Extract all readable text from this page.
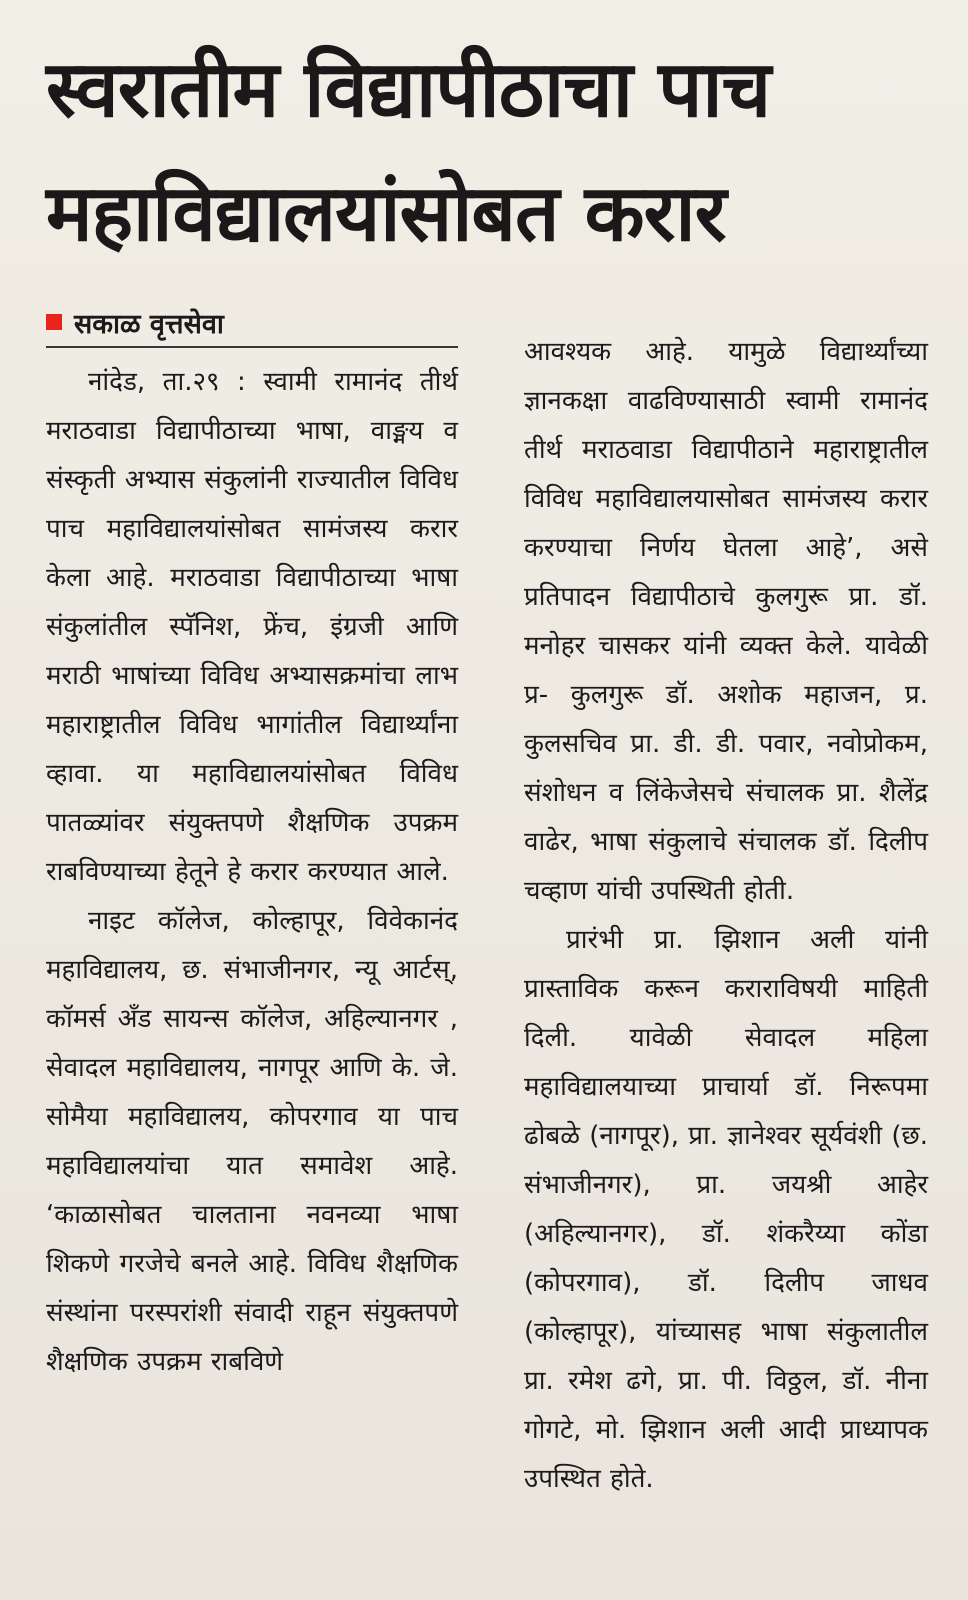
स्वरातीम विद्यापीठाचा पाच
महाविद्यालयांसोबत करार
सकाळ वृत्तसेवा

नांदेड, ता.२९ : स्वामी रामानंद तीर्थ मराठवाडा विद्यापीठाच्या भाषा, वाङ्मय व संस्कृती अभ्यास संकुलांनी राज्यातील विविध पाच महाविद्यालयांसोबत सामंजस्य करार केला आहे. मराठवाडा विद्यापीठाच्या भाषा संकुलांतील स्पॅनिश, फ्रेंच, इंग्रजी आणि मराठी भाषांच्या विविध अभ्यासक्रमांचा लाभ महाराष्ट्रातील विविध भागांतील विद्यार्थ्यांना व्हावा. या महाविद्यालयांसोबत विविध पातळ्यांवर संयुक्तपणे शैक्षणिक उपक्रम राबविण्याच्या हेतूने हे करार करण्यात आले.

नाइट कॉलेज, कोल्हापूर, विवेकानंद महाविद्यालय, छ. संभाजीनगर, न्यू आर्टस्, कॉमर्स अँड सायन्स कॉलेज, अहिल्यानगर , सेवादल महाविद्यालय, नागपूर आणि के. जे. सोमैया महाविद्यालय, कोपरगाव या पाच महाविद्यालयांचा यात समावेश आहे. ‘काळासोबत चालताना नवनव्या भाषा शिकणे गरजेचे बनले आहे. विविध शैक्षणिक संस्थांना परस्परांशी संवादी राहून संयुक्तपणे शैक्षणिक उपक्रम राबविणे

आवश्यक आहे. यामुळे विद्यार्थ्यांच्या ज्ञानकक्षा वाढविण्यासाठी स्वामी रामानंद तीर्थ मराठवाडा विद्यापीठाने महाराष्ट्रातील विविध महाविद्यालयासोबत सामंजस्य करार करण्याचा निर्णय घेतला आहे’, असे प्रतिपादन विद्यापीठाचे कुलगुरू प्रा. डॉ. मनोहर चासकर यांनी व्यक्त केले. यावेळी प्र- कुलगुरू डॉ. अशोक महाजन, प्र. कुलसचिव प्रा. डी. डी. पवार, नवोप्रोकम, संशोधन व लिंकेजेसचे संचालक प्रा. शैलेंद्र वाढेर, भाषा संकुलाचे संचालक डॉ. दिलीप चव्हाण यांची उपस्थिती होती.

प्रारंभी प्रा. झिशान अली यांनी प्रास्ताविक करून कराराविषयी माहिती दिली. यावेळी सेवादल महिला महाविद्यालयाच्या प्राचार्या डॉ. निरूपमा ढोबळे (नागपूर), प्रा. ज्ञानेश्वर सूर्यवंशी (छ. संभाजीनगर), प्रा. जयश्री आहेर (अहिल्यानगर), डॉ. शंकरैय्या कोंडा (कोपरगाव), डॉ. दिलीप जाधव (कोल्हापूर), यांच्यासह भाषा संकुलातील प्रा. रमेश ढगे, प्रा. पी. विठ्ठल, डॉ. नीना गोगटे, मो. झिशान अली आदी प्राध्यापक उपस्थित होते.
